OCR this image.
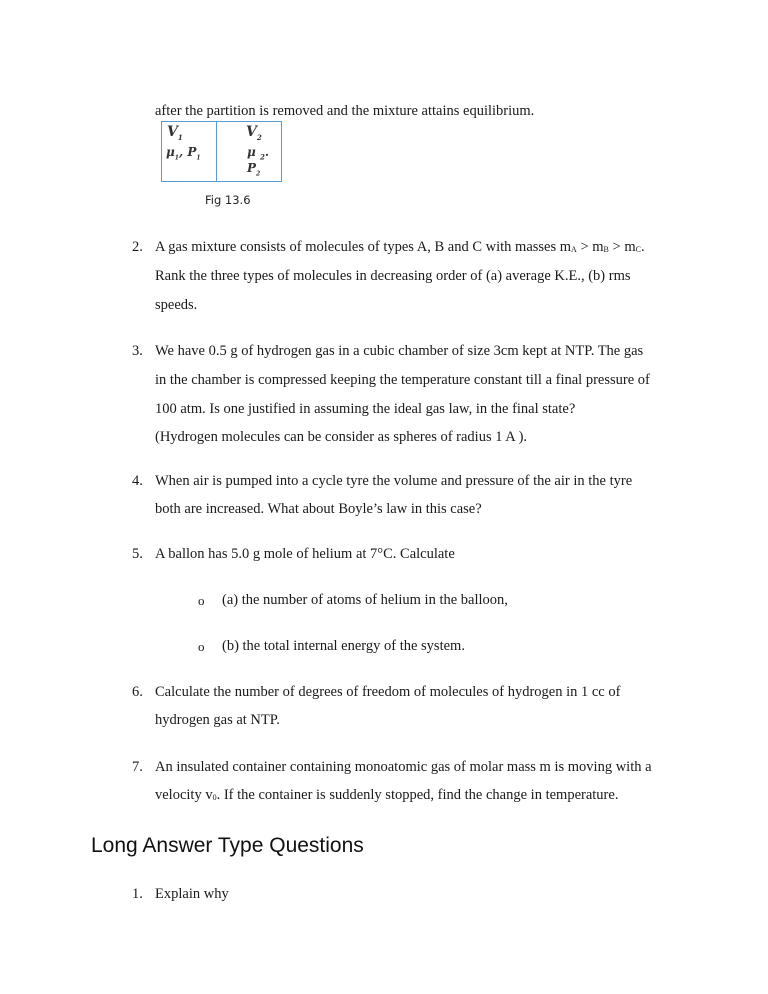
after the partition is removed and the mixture attains equilibrium.
$V_1$
$\mu_1$, $P_1$
$V_2$
μ $_2$.
$P_2$
Fig 13.6
2. A gas mixture consists of molecules of types A, B and C with masses mA > mB > mC.
Rank the three types of molecules in decreasing order of (a) average K.E., (b) rms
speeds.
3. We have 0.5 g of hydrogen gas in a cubic chamber of size 3cm kept at NTP. The gas
in the chamber is compressed keeping the temperature constant till a final pressure of
100 atm. Is one justified in assuming the ideal gas law, in the final state?
(Hydrogen molecules can be consider as spheres of radius 1 A ).
4. When air is pumped into a cycle tyre the volume and pressure of the air in the tyre
both are increased. What about Boyle’s law in this case?
5. A ballon has 5.0 g mole of helium at 7°C. Calculate
o (a) the number of atoms of helium in the balloon,
o (b) the total internal energy of the system.
6. Calculate the number of degrees of freedom of molecules of hydrogen in 1 cc of
hydrogen gas at NTP.
7. An insulated container containing monoatomic gas of molar mass m is moving with a
velocity v0. If the container is suddenly stopped, find the change in temperature.
Long Answer Type Questions
1. Explain why
